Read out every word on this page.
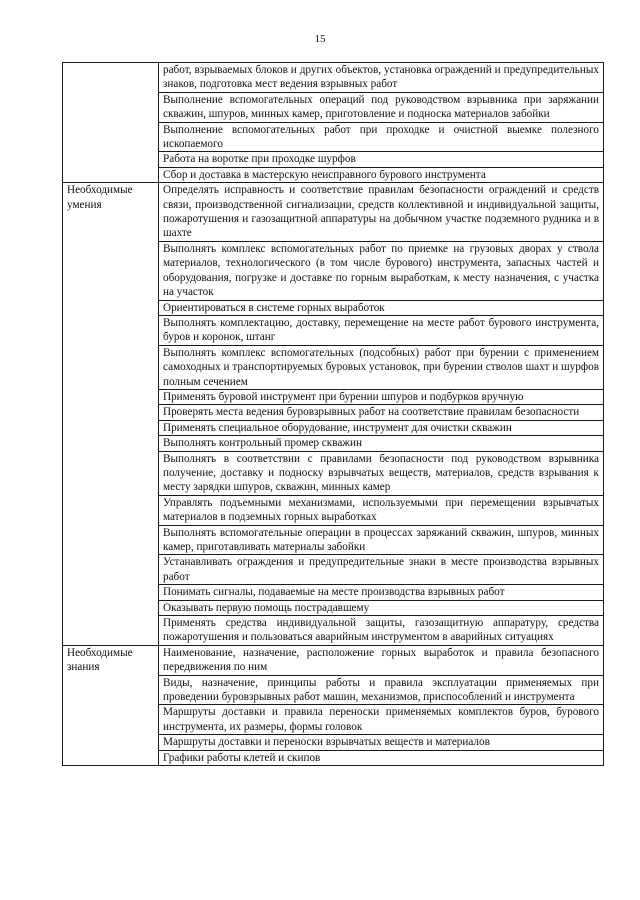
15
	работ, взрываемых блоков и других объектов, установка ограждений и предупредительных знаков, подготовка мест ведения взрывных работ
	Выполнение вспомогательных операций под руководством взрывника при заряжании скважин, шпуров, минных камер, приготовление и подноска материалов забойки
	Выполнение вспомогательных работ при проходке и очистной выемке полезного ископаемого
	Работа на воротке при проходке шурфов
	Сбор и доставка в мастерскую неисправного бурового инструмента
Необходимые умения	Определять исправность и соответствие правилам безопасности ограждений и средств связи, производственной сигнализации, средств коллективной и индивидуальной защиты, пожаротушения и газозащитной аппаратуры на добычном участке подземного рудника и в шахте
	Выполнять комплекс вспомогательных работ по приемке на грузовых дворах у ствола материалов, технологического (в том числе бурового) инструмента, запасных частей и оборудования, погрузке и доставке по горным выработкам, к месту назначения, с участка на участок
	Ориентироваться в системе горных выработок
	Выполнять комплектацию, доставку, перемещение на месте работ бурового инструмента, буров и коронок, штанг
	Выполнять комплекс вспомогательных (подсобных) работ при бурении с применением самоходных и транспортируемых буровых установок, при бурении стволов шахт и шурфов полным сечением
	Применять буровой инструмент при бурении шпуров и подбурков вручную
	Проверять места ведения буровзрывных работ на соответствие правилам безопасности
	Применять специальное оборудование, инструмент для очистки скважин
	Выполнять контрольный промер скважин
	Выполнять в соответствии с правилами безопасности под руководством взрывника получение, доставку и подноску взрывчатых веществ, материалов, средств взрывания к месту зарядки шпуров, скважин, минных камер
	Управлять подъемными механизмами, используемыми при перемещении взрывчатых материалов в подземных горных выработках
	Выполнять вспомогательные операции в процессах заряжаний скважин, шпуров, минных камер, приготавливать материалы забойки
	Устанавливать ограждения и предупредительные знаки в месте производства взрывных работ
	Понимать сигналы, подаваемые на месте производства взрывных работ
	Оказывать первую помощь пострадавшему
	Применять средства индивидуальной защиты, газозащитную аппаратуру, средства пожаротушения и пользоваться аварийным инструментом в аварийных ситуациях
Необходимые знания	Наименование, назначение, расположение горных выработок и правила безопасного передвижения по ним
	Виды, назначение, принципы работы и правила эксплуатации применяемых при проведении буровзрывных работ машин, механизмов, приспособлений и инструмента
	Маршруты доставки и правила переноски применяемых комплектов буров, бурового инструмента, их размеры, формы головок
	Маршруты доставки и переноски взрывчатых веществ и материалов
	Графики работы клетей и скипов
